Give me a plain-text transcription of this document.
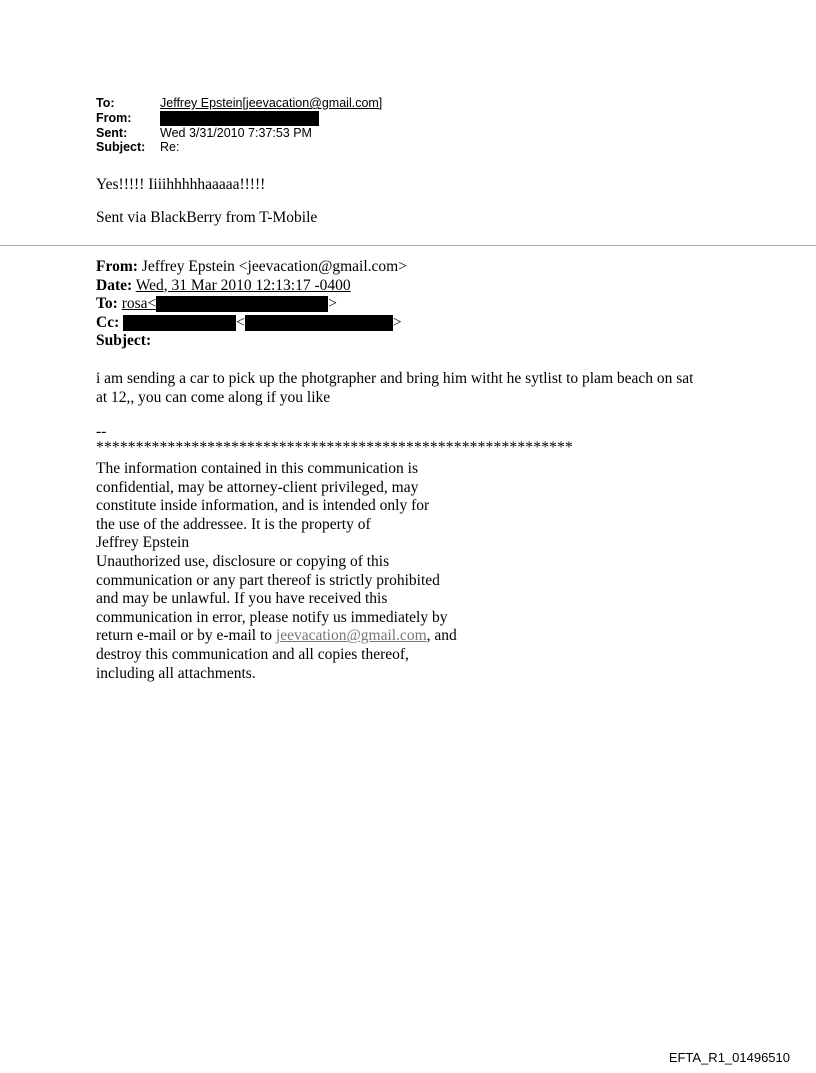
To:	Jeffrey Epstein[jeevacation@gmail.com]
From:
Sent:	Wed 3/31/2010 7:37:53 PM
Subject:	Re:
Yes!!!!! Iiiihhhhhaaaaa!!!!!
Sent via BlackBerry from T-Mobile
From: Jeffrey Epstein <jeevacation@gmail.com>
Date: Wed, 31 Mar 2010 12:13:17 -0400
To: rosa<	>
Cc:	<	>
Subject:
i am sending a car to pick up the photgrapher and bring him witht he sytlist to plam beach on sat
at 12,, you can come along if you like
--
************************************************************
The information contained in this communication is
confidential, may be attorney-client privileged, may
constitute inside information, and is intended only for
the use of the addressee. It is the property of
Jeffrey Epstein
Unauthorized use, disclosure or copying of this
communication or any part thereof is strictly prohibited
and may be unlawful. If you have received this
communication in error, please notify us immediately by
return e-mail or by e-mail to jeevacation@gmail.com, and
destroy this communication and all copies thereof,
including all attachments.
EFTA_R1_01496510
